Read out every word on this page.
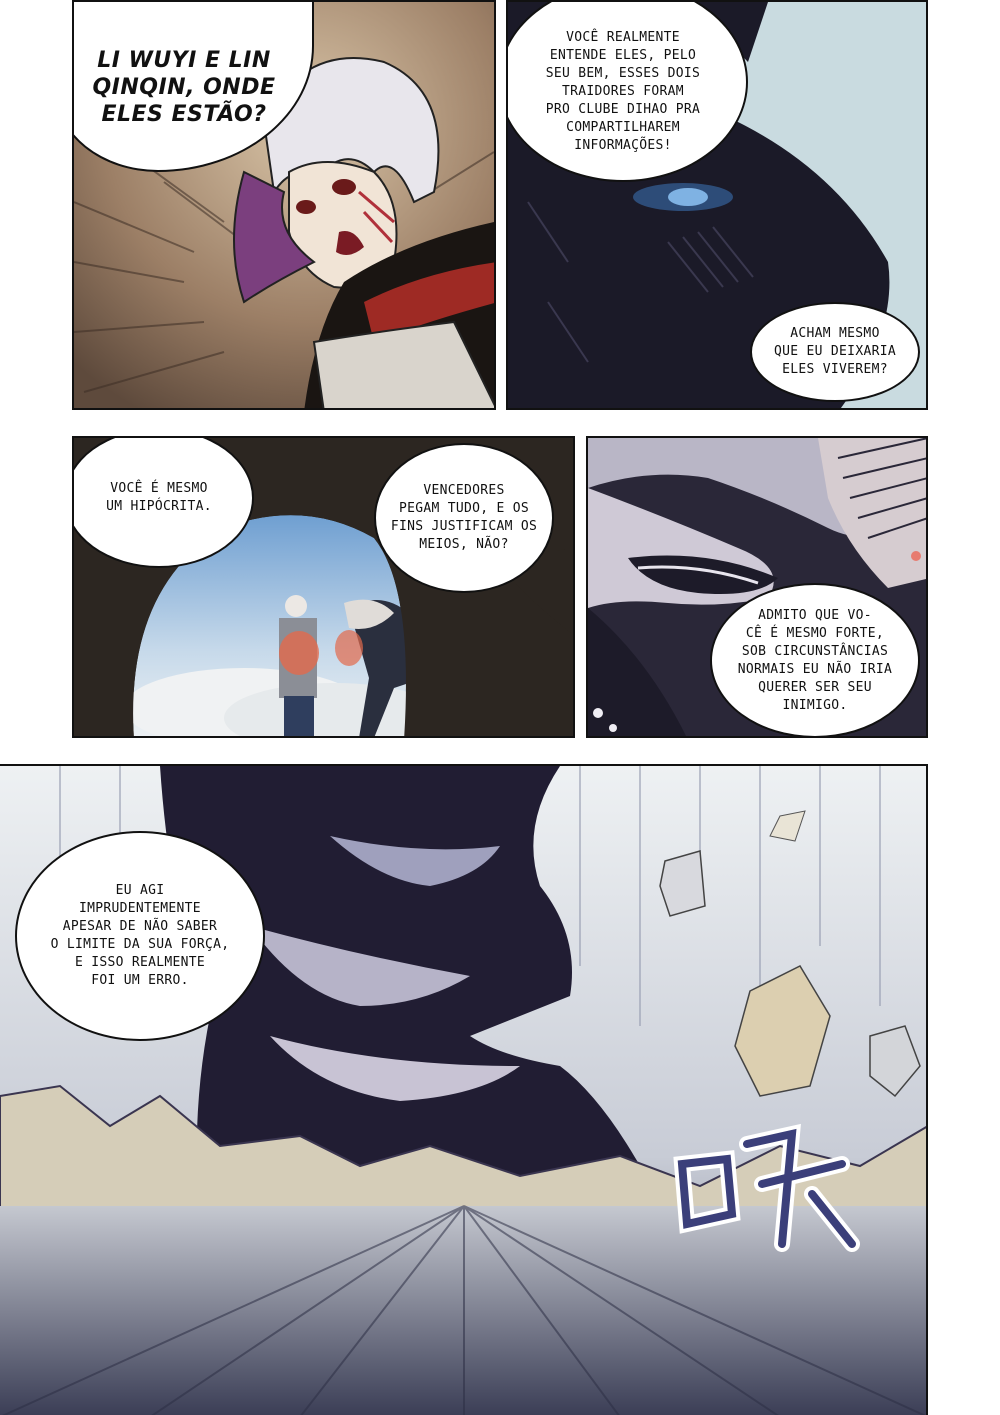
LI WUYI E LIN
QINQIN, ONDE
ELES ESTÃO?
VOCÊ REALMENTE
ENTENDE ELES, PELO
SEU BEM, ESSES DOIS
TRAIDORES FORAM
PRO CLUBE DIHAO PRA
COMPARTILHAREM
INFORMAÇÕES!
ACHAM MESMO
QUE EU DEIXARIA
ELES VIVEREM?
VOCÊ É MESMO
UM HIPÓCRITA.
VENCEDORES
PEGAM TUDO, E OS
FINS JUSTIFICAM OS
MEIOS, NÃO?
ADMITO QUE VO-
CÊ É MESMO FORTE,
SOB CIRCUNSTÂNCIAS
NORMAIS EU NÃO IRIA
QUERER SER SEU
INIMIGO.
EU AGI
IMPRUDENTEMENTE
APESAR DE NÃO SABER
O LIMITE DA SUA FORÇA,
E ISSO REALMENTE
FOI UM ERRO.
